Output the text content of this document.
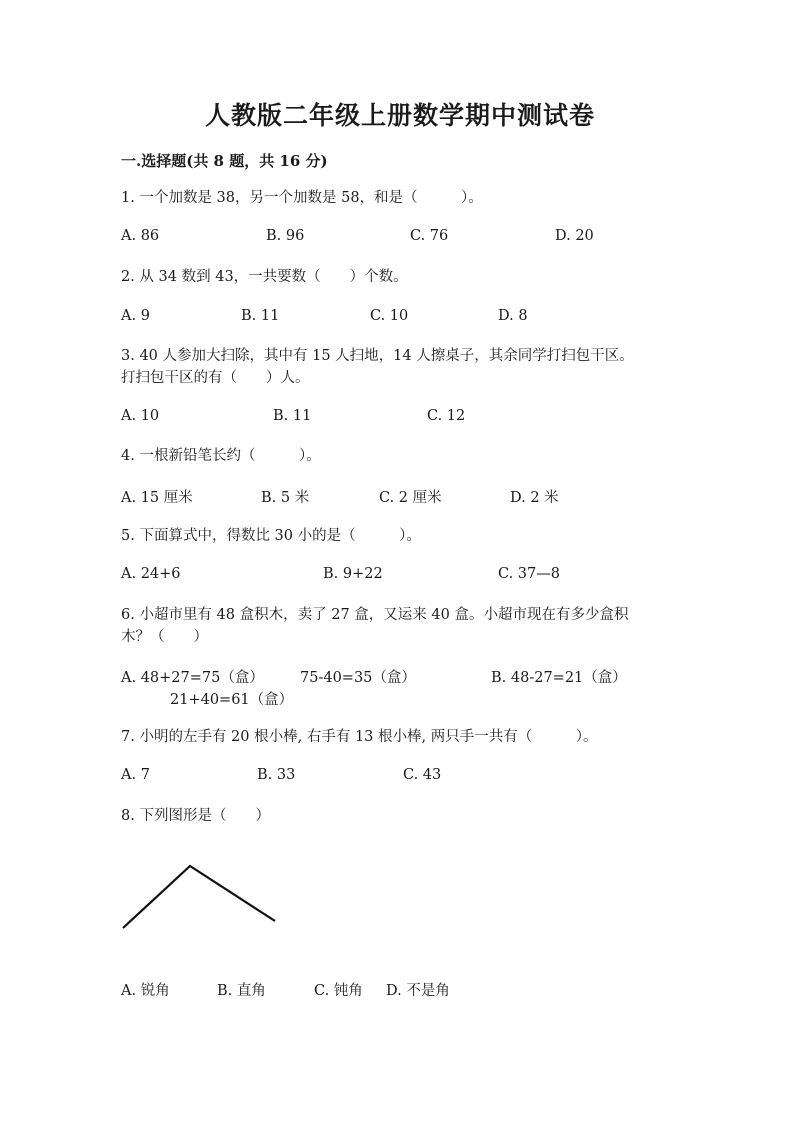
人教版二年级上册数学期中测试卷
一.选择题(共 8 题，共 16 分)
1. 一个加数是 38，另一个加数是 58，和是（　　　）。
A. 86	B. 96	C. 76	D. 20
2. 从 34 数到 43，一共要数（　　）个数。
A. 9	B. 11	C. 10	D. 8
3. 40 人参加大扫除，其中有 15 人扫地，14 人擦桌子，其余同学打扫包干区。
打扫包干区的有（　　）人。
A. 10	B. 11	C. 12
4. 一根新铅笔长约（　　　）。
A. 15 厘米	B. 5 米	C. 2 厘米	D. 2 米
5. 下面算式中，得数比 30 小的是（　　　）。
A. 24+6	B. 9+22	C. 37—8
6. 小超市里有 48 盒积木，卖了 27 盒，又运来 40 盒。小超市现在有多少盒积
木？（　　）
A. 48+27=75（盒） 75-40=35（盒）	B. 48-27=21（盒）
21+40=61（盒）
7. 小明的左手有 20 根小棒, 右手有 13 根小棒, 两只手一共有（　　　）。
A. 7	B. 33	C. 43
8. 下列图形是（　　）
A. 锐角	B. 直角	C. 钝角 D. 不是角
